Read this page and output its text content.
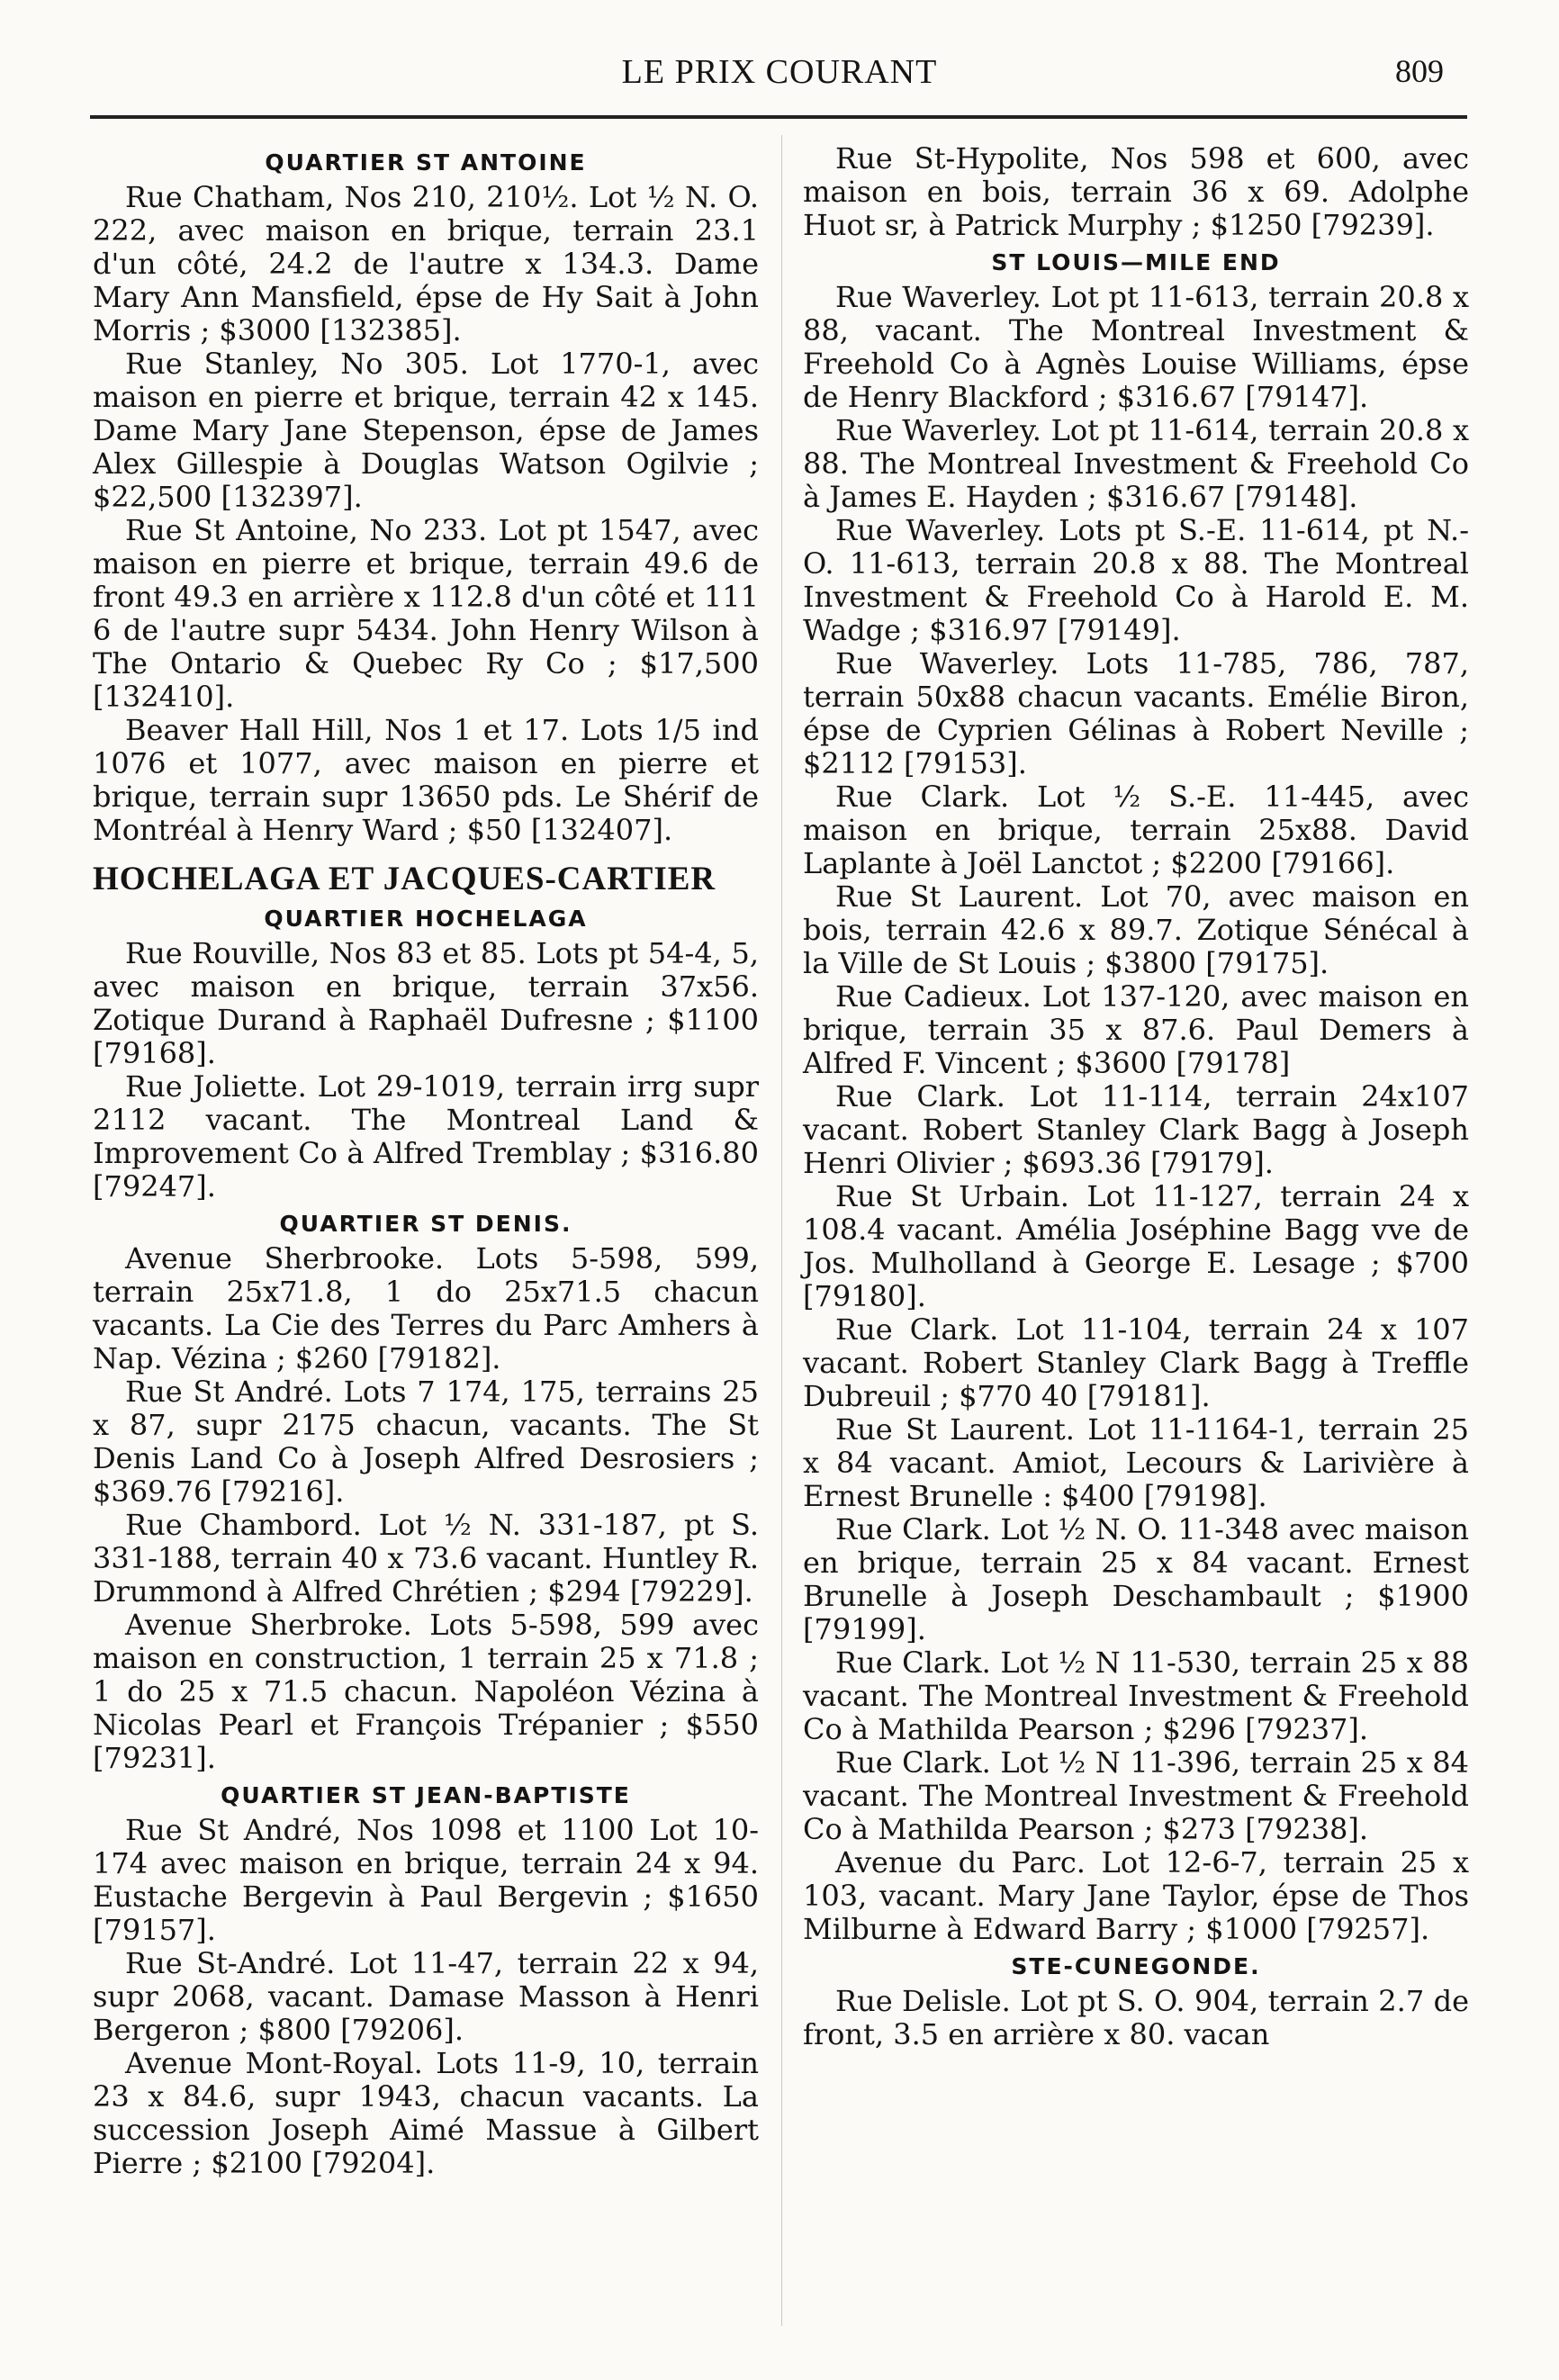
LE PRIX COURANT	809
QUARTIER ST ANTOINE

Rue Chatham, Nos 210, 210½. Lot ½ N. O. 222, avec maison en brique, terrain 23.1 d'un côté, 24.2 de l'autre x 134.3. Dame Mary Ann Mansfield, épse de Hy Sait à John Morris ; $3000 [132385].

Rue Stanley, No 305. Lot 1770-1, avec maison en pierre et brique, terrain 42 x 145. Dame Mary Jane Stepenson, épse de James Alex Gillespie à Douglas Watson Ogilvie ; $22,500 [132397].

Rue St Antoine, No 233. Lot pt 1547, avec maison en pierre et brique, terrain 49.6 de front 49.3 en arrière x 112.8 d'un côté et 111 6 de l'autre supr 5434. John Henry Wilson à The Ontario & Quebec Ry Co ; $17,500 [132410].

Beaver Hall Hill, Nos 1 et 17. Lots 1/5 ind 1076 et 1077, avec maison en pierre et brique, terrain supr 13650 pds. Le Shérif de Montréal à Henry Ward ; $50 [132407].

HOCHELAGA ET JACQUES-CARTIER
QUARTIER HOCHELAGA

Rue Rouville, Nos 83 et 85. Lots pt 54-4, 5, avec maison en brique, terrain 37x56. Zotique Durand à Raphaël Dufresne ; $1100 [79168].

Rue Joliette. Lot 29-1019, terrain irrg supr 2112 vacant. The Montreal Land & Improvement Co à Alfred Tremblay ; $316.80 [79247].

QUARTIER ST DENIS.

Avenue Sherbrooke. Lots 5-598, 599, terrain 25x71.8, 1 do 25x71.5 chacun vacants. La Cie des Terres du Parc Amhers à Nap. Vézina ; $260 [79182].

Rue St André. Lots 7 174, 175, terrains 25 x 87, supr 2175 chacun, vacants. The St Denis Land Co à Joseph Alfred Desrosiers ; $369.76 [79216].

Rue Chambord. Lot ½ N. 331-187, pt S. 331-188, terrain 40 x 73.6 vacant. Huntley R. Drummond à Alfred Chrétien ; $294 [79229].

Avenue Sherbroke. Lots 5-598, 599 avec maison en construction, 1 terrain 25 x 71.8 ; 1 do 25 x 71.5 chacun. Napoléon Vézina à Nicolas Pearl et François Trépanier ; $550 [79231].

QUARTIER ST JEAN-BAPTISTE

Rue St André, Nos 1098 et 1100 Lot 10-174 avec maison en brique, terrain 24 x 94. Eustache Bergevin à Paul Bergevin ; $1650 [79157].

Rue St-André. Lot 11-47, terrain 22 x 94, supr 2068, vacant. Damase Masson à Henri Bergeron ; $800 [79206].

Avenue Mont-Royal. Lots 11-9, 10, terrain 23 x 84.6, supr 1943, chacun vacants. La succession Joseph Aimé Massue à Gilbert Pierre ; $2100 [79204].

Rue St-Hypolite, Nos 598 et 600, avec maison en bois, terrain 36 x 69. Adolphe Huot sr, à Patrick Murphy ; $1250 [79239].

ST LOUIS—MILE END

Rue Waverley. Lot pt 11-613, terrain 20.8 x 88, vacant. The Montreal Investment & Freehold Co à Agnès Louise Williams, épse de Henry Blackford ; $316.67 [79147].

Rue Waverley. Lot pt 11-614, terrain 20.8 x 88. The Montreal Investment & Freehold Co à James E. Hayden ; $316.67 [79148].

Rue Waverley. Lots pt S.-E. 11-614, pt N.-O. 11-613, terrain 20.8 x 88. The Montreal Investment & Freehold Co à Harold E. M. Wadge ; $316.97 [79149].

Rue Waverley. Lots 11-785, 786, 787, terrain 50x88 chacun vacants. Emélie Biron, épse de Cyprien Gélinas à Robert Neville ; $2112 [79153].

Rue Clark. Lot ½ S.-E. 11-445, avec maison en brique, terrain 25x88. David Laplante à Joël Lanctot ; $2200 [79166].

Rue St Laurent. Lot 70, avec maison en bois, terrain 42.6 x 89.7. Zotique Sénécal à la Ville de St Louis ; $3800 [79175].

Rue Cadieux. Lot 137-120, avec maison en brique, terrain 35 x 87.6. Paul Demers à Alfred F. Vincent ; $3600 [79178]

Rue Clark. Lot 11-114, terrain 24x107 vacant. Robert Stanley Clark Bagg à Joseph Henri Olivier ; $693.36 [79179].

Rue St Urbain. Lot 11-127, terrain 24 x 108.4 vacant. Amélia Joséphine Bagg vve de Jos. Mulholland à George E. Lesage ; $700 [79180].

Rue Clark. Lot 11-104, terrain 24 x 107 vacant. Robert Stanley Clark Bagg à Treffle Dubreuil ; $770 40 [79181].

Rue St Laurent. Lot 11-1164-1, terrain 25 x 84 vacant. Amiot, Lecours & Larivière à Ernest Brunelle : $400 [79198].

Rue Clark. Lot ½ N. O. 11-348 avec maison en brique, terrain 25 x 84 vacant. Ernest Brunelle à Joseph Deschambault ; $1900 [79199].

Rue Clark. Lot ½ N 11-530, terrain 25 x 88 vacant. The Montreal Investment & Freehold Co à Mathilda Pearson ; $296 [79237].

Rue Clark. Lot ½ N 11-396, terrain 25 x 84 vacant. The Montreal Investment & Freehold Co à Mathilda Pearson ; $273 [79238].

Avenue du Parc. Lot 12-6-7, terrain 25 x 103, vacant. Mary Jane Taylor, épse de Thos Milburne à Edward Barry ; $1000 [79257].

STE-CUNEGONDE.

Rue Delisle. Lot pt S. O. 904, terrain 2.7 de front, 3.5 en arrière x 80. vacan
